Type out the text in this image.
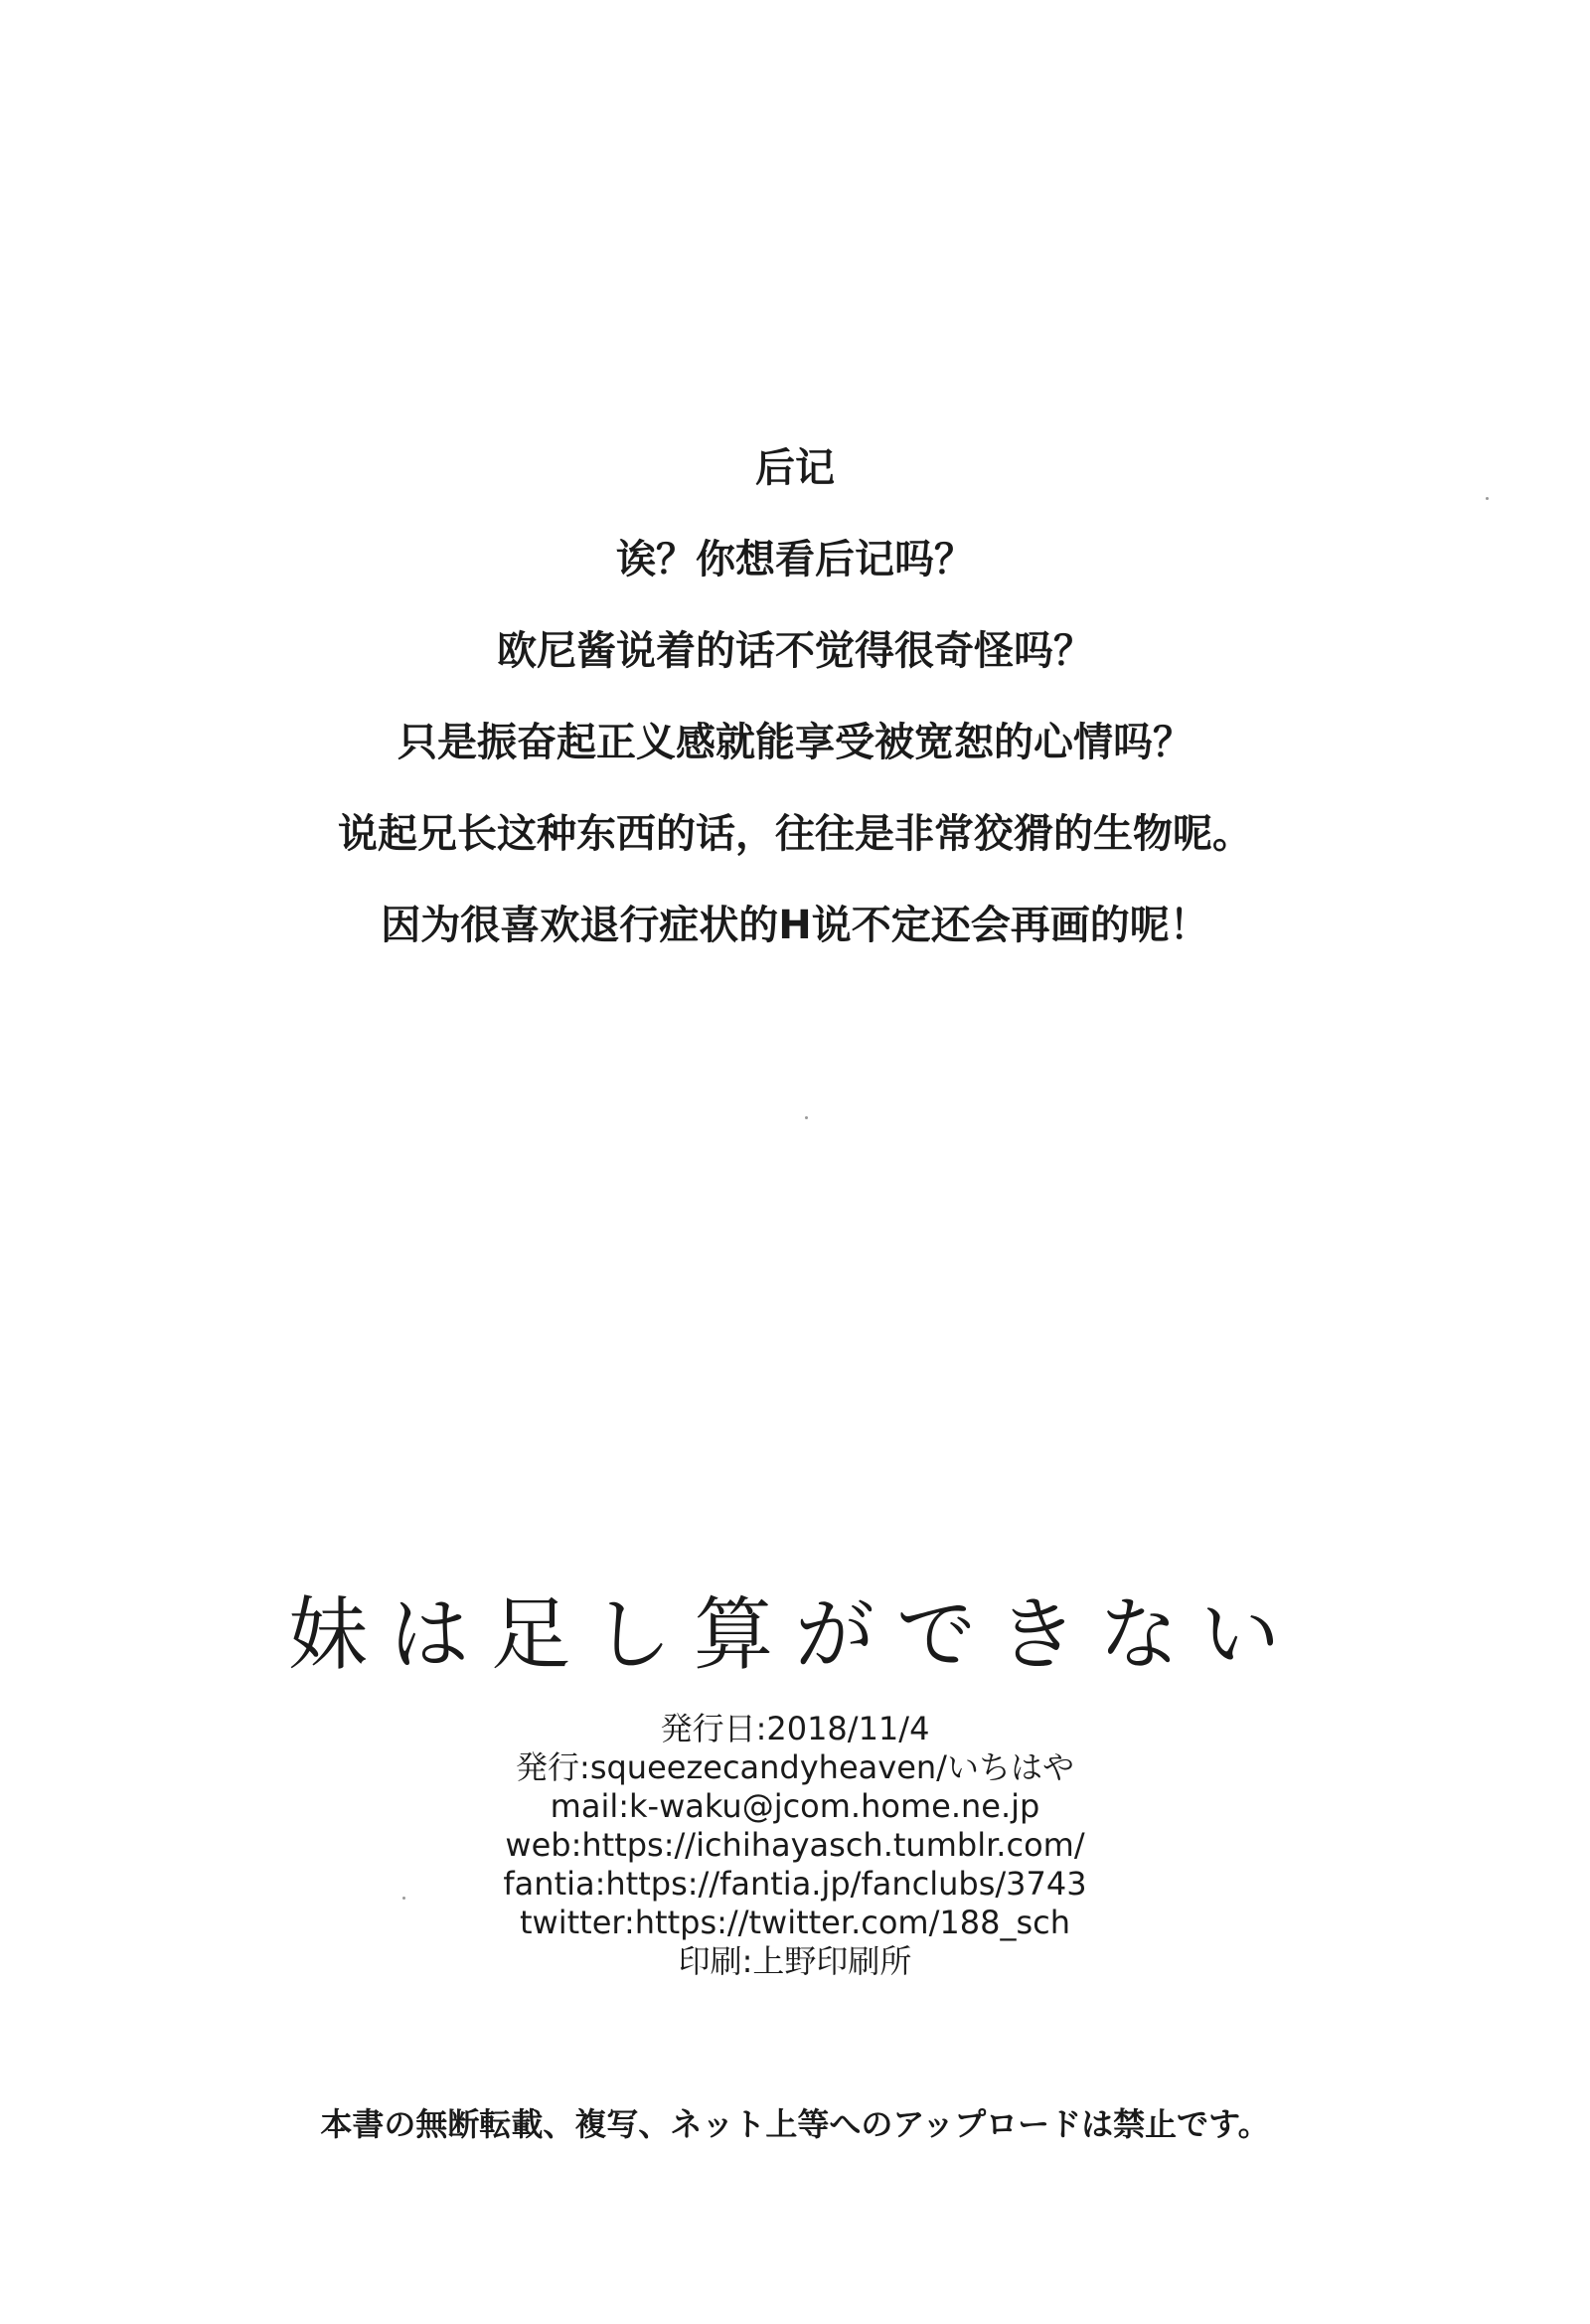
后记
诶？你想看后记吗？
欧尼酱说着的话不觉得很奇怪吗？
只是振奋起正义感就能享受被宽恕的心情吗？
说起兄长这种东西的话，往往是非常狡猾的生物呢。
因为很喜欢退行症状的H说不定还会再画的呢！
妹は足し算ができない
発行日:2018/11/4
発行:squeezecandyheaven/いちはや
mail:k-waku@jcom.home.ne.jp
web:https://ichihayasch.tumblr.com/
fantia:https://fantia.jp/fanclubs/3743
twitter:https://twitter.com/188_sch
印刷:上野印刷所
本書の無断転載、複写、ネット上等へのアップロードは禁止です。
